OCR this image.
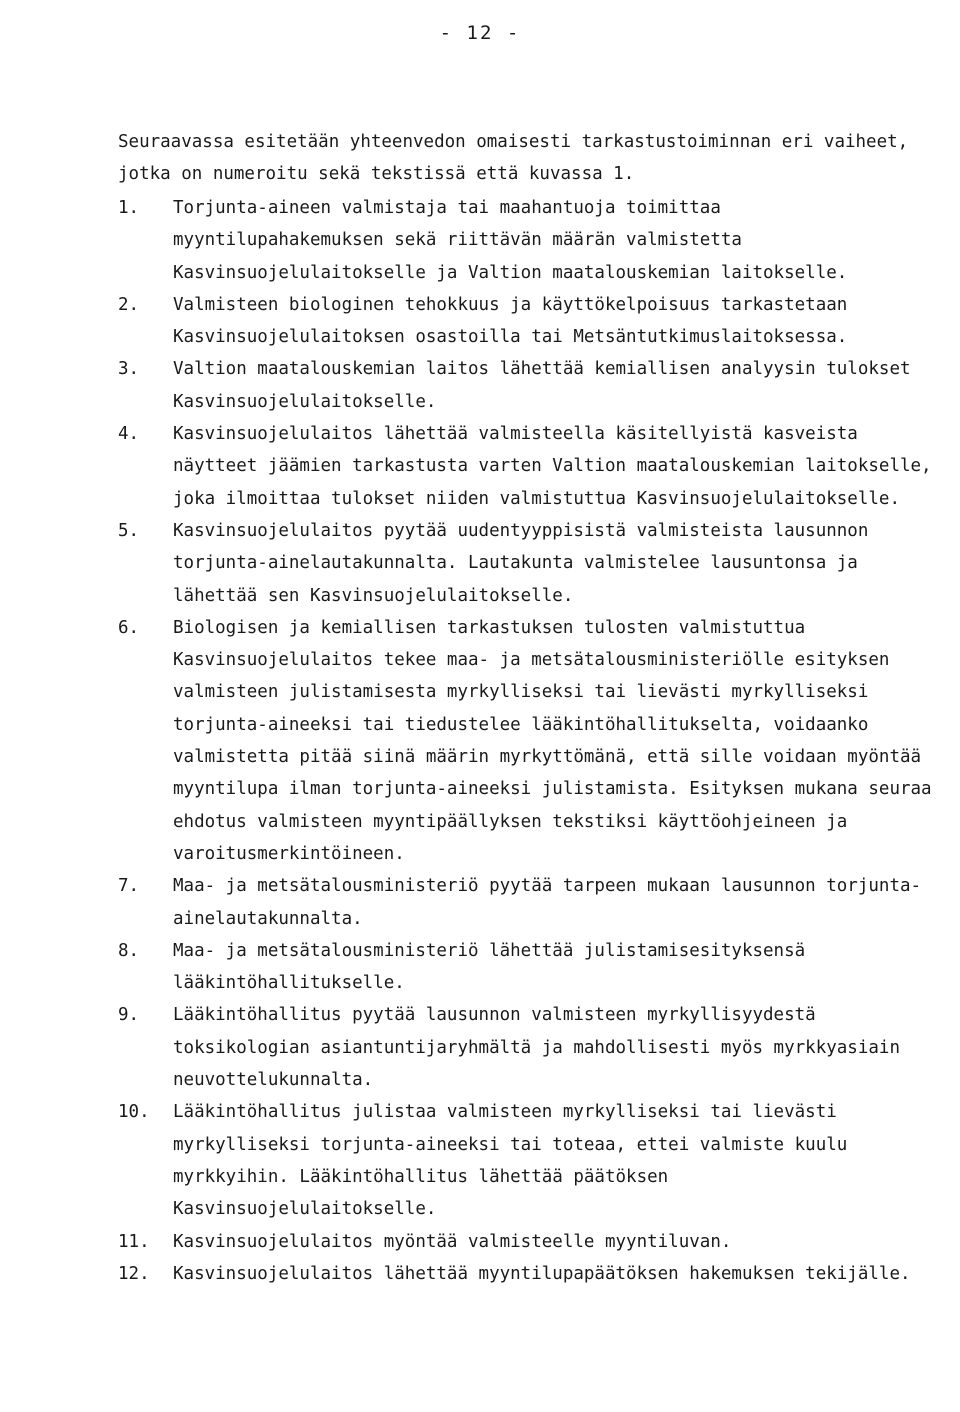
- 12 -

Seuraavassa esitetään yhteenvedon omaisesti tarkastustoiminnan eri vaiheet, jotka on numeroitu sekä tekstissä että kuvassa 1.

1. Torjunta-aineen valmistaja tai maahantuoja toimittaa myyntilupahakemuksen sekä riittävän määrän valmistetta Kasvinsuojelulaitokselle ja Valtion maatalouskemian laitokselle.
2. Valmisteen biologinen tehokkuus ja käyttökelpoisuus tarkastetaan Kasvinsuojelulaitoksen osastoilla tai Metsäntutkimuslaitoksessa.
3. Valtion maatalouskemian laitos lähettää kemiallisen analyysin tulokset Kasvinsuojelulaitokselle.
4. Kasvinsuojelulaitos lähettää valmisteella käsitellyistä kasveista näytteet jäämien tarkastusta varten Valtion maatalouskemian laitokselle, joka ilmoittaa tulokset niiden valmistuttua Kasvinsuojelulaitokselle.
5. Kasvinsuojelulaitos pyytää uudentyyppisistä valmisteista lausunnon torjunta-ainelautakunnalta. Lautakunta valmistelee lausuntonsa ja lähettää sen Kasvinsuojelulaitokselle.
6. Biologisen ja kemiallisen tarkastuksen tulosten valmistuttua Kasvinsuojelulaitos tekee maa- ja metsätalousministeriölle esityksen valmisteen julistamisesta myrkylliseksi tai lievästi myrkylliseksi torjunta-aineeksi tai tiedustelee lääkintöhallitukselta, voidaanko valmistetta pitää siinä määrin myrkyttömänä, että sille voidaan myöntää myyntilupa ilman torjunta-aineeksi julistamista. Esityksen mukana seuraa ehdotus valmisteen myyntipäällyksen tekstiksi käyttöohjeineen ja varoitusmerkintöineen.
7. Maa- ja metsätalousministeriö pyytää tarpeen mukaan lausunnon torjunta-ainelautakunnalta.
8. Maa- ja metsätalousministeriö lähettää julistamisesityksensä lääkintöhallitukselle.
9. Lääkintöhallitus pyytää lausunnon valmisteen myrkyllisyydestä toksikologian asiantuntijaryhmältä ja mahdollisesti myös myrkkyasiain neuvottelukunnalta.
10. Lääkintöhallitus julistaa valmisteen myrkylliseksi tai lievästi myrkylliseksi torjunta-aineeksi tai toteaa, ettei valmiste kuulu myrkkyihin. Lääkintöhallitus lähettää päätöksen Kasvinsuojelulaitokselle.
11. Kasvinsuojelulaitos myöntää valmisteelle myyntiluvan.
12. Kasvinsuojelulaitos lähettää myyntilupapäätöksen hakemuksen tekijälle.
